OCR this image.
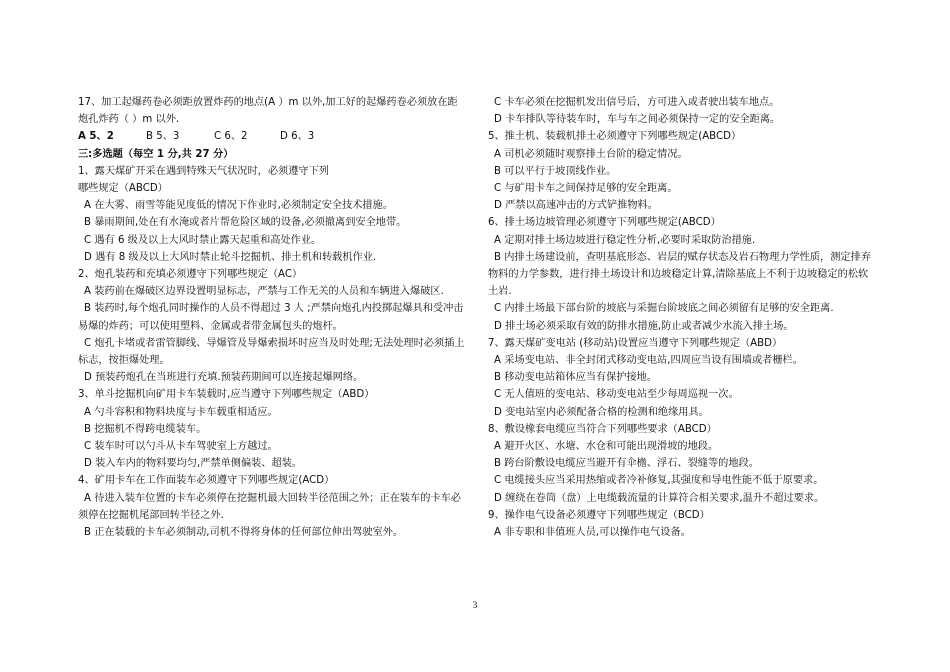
17、加工起爆药卷必须距放置炸药的地点(A ）m 以外,加工好的起爆药卷必须放在距

炮孔炸药（ ）m 以外.

A 5、2	B 5、3	C 6、2	D 6、3

三:多选题（每空 1 分,共 27 分）

1、露天煤矿开采在遇到特殊天气状况时，必须遵守下列

哪些规定（ABCD）

A 在大雾、雨雪等能见度低的情况下作业时,必须制定安全技术措施。

B 暴雨期间,处在有水淹或者片帮危险区域的设备,必须撤离到安全地带。

C 遇有 6 级及以上大风时禁止露天起重和高处作业。

D 遇有 8 级及以上大风时禁止轮斗挖掘机、排土机和转载机作业.

2、炮孔装药和充填必须遵守下列哪些规定（AC）

A 装药前在爆破区边界设置明显标志，严禁与工作无关的人员和车辆进入爆破区.

B 装药时,每个炮孔同时操作的人员不得超过 3 人 ;严禁向炮孔内投掷起爆具和受冲击

易爆的炸药；可以使用塑料、金属或者带金属包头的炮杆。

C 炮孔卡堵或者雷管脚线、导爆管及导爆索损坏时应当及时处理;无法处理时必须插上

标志，按拒爆处理。

D 预装药炮孔在当班进行充填.预装药期间可以连接起爆网络。

3、单斗挖掘机向矿用卡车装载时,应当遵守下列哪些规定（ABD）

A 勺斗容积和物料块度与卡车载重相适应。

B 挖掘机不得跨电缆装车。

C 装车时可以勺斗从卡车驾驶室上方越过。

D 装入车内的物料要均匀,严禁单侧偏装、超装。

4、矿用卡车在工作面装车必须遵守下列哪些规定(ACD）

A 待进入装车位置的卡车必须停在挖掘机最大回转半径范围之外；正在装车的卡车必

须停在挖掘机尾部回转半径之外.

B 正在装载的卡车必须制动,司机不得将身体的任何部位伸出驾驶室外。

C 卡车必须在挖掘机发出信号后，方可进入或者驶出装车地点。

D 卡车排队等待装车时，车与车之间必须保持一定的安全距离。

5、推土机、装载机排土必须遵守下列哪些规定(ABCD）

A 司机必须随时观察排土台阶的稳定情况。

B 可以平行于坡顶线作业。

C 与矿用卡车之间保持足够的安全距离。

D 严禁以高速冲击的方式铲推物料。

6、排土场边坡管理必须遵守下列哪些规定(ABCD）

A 定期对排土场边坡进行稳定性分析,必要时采取防治措施.

B 内排土场建设前，查明基底形态、岩层的赋存状态及岩石物理力学性质，测定排弃

物料的力学参数，进行排土场设计和边坡稳定计算,清除基底上不利于边坡稳定的松软

土岩.

C 内排土场最下部台阶的坡底与采掘台阶坡底之间必须留有足够的安全距离.

D 排土场必须采取有效的防排水措施,防止或者减少水流入排土场。

7、露天煤矿变电站 (移动站)设置应当遵守下列哪些规定（ABD）

A 采场变电站、非全封闭式移动变电站,四周应当设有围墙或者栅栏。

B 移动变电站箱体应当有保护接地。

C 无人值班的变电站、移动变电站至少每周巡视一次。

D 变电站室内必须配备合格的检测和绝缘用具。

8、敷设橡套电缆应当符合下列哪些要求（ABCD）

A 避开火区、水塘、水仓和可能出现滑坡的地段。

B 跨台阶敷设电缆应当避开有伞檐、浮石、裂缝等的地段。

C 电缆接头应当采用热缩或者冷补修复,其强度和导电性能不低于原要求。

D 缠绕在卷筒（盘）上电缆载流量的计算符合相关要求,温升不超过要求。

9、操作电气设备必须遵守下列哪些规定（BCD）

A 非专职和非值班人员,可以操作电气设备。

3
